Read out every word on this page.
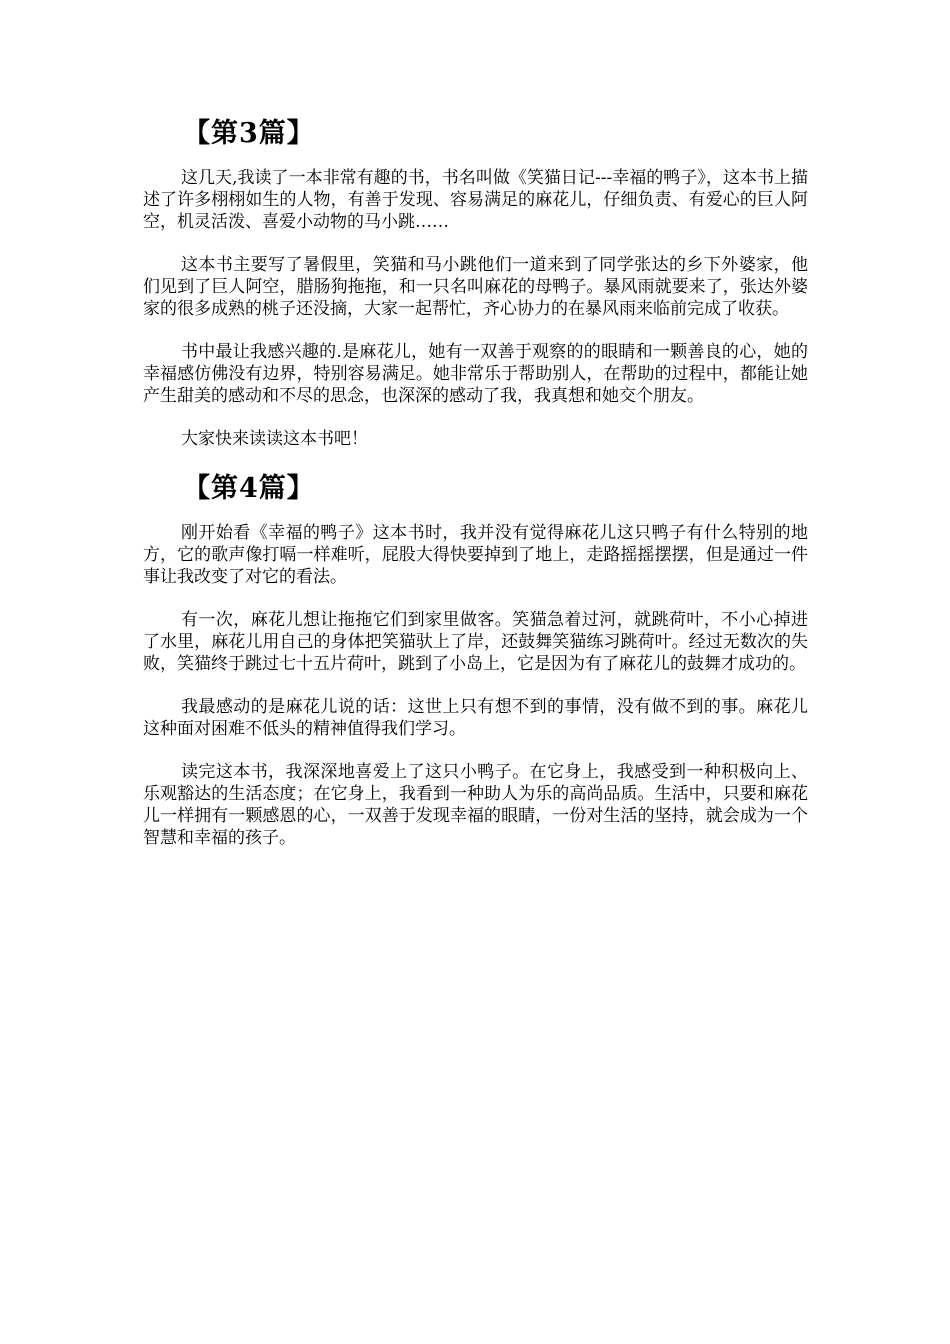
【第3篇】

这几天,我读了一本非常有趣的书，书名叫做《笑猫日记---幸福的鸭子》，这本书上描述了许多栩栩如生的人物，有善于发现、容易满足的麻花儿，仔细负责、有爱心的巨人阿空，机灵活泼、喜爱小动物的马小跳……

这本书主要写了暑假里，笑猫和马小跳他们一道来到了同学张达的乡下外婆家，他们见到了巨人阿空，腊肠狗拖拖，和一只名叫麻花的母鸭子。暴风雨就要来了，张达外婆家的很多成熟的桃子还没摘，大家一起帮忙，齐心协力的在暴风雨来临前完成了收获。

书中最让我感兴趣的.是麻花儿，她有一双善于观察的的眼睛和一颗善良的心，她的幸福感仿佛没有边界，特别容易满足。她非常乐于帮助别人，在帮助的过程中，都能让她产生甜美的感动和不尽的思念，也深深的感动了我，我真想和她交个朋友。

大家快来读读这本书吧！

【第4篇】

刚开始看《幸福的鸭子》这本书时，我并没有觉得麻花儿这只鸭子有什么特别的地方，它的歌声像打嗝一样难听，屁股大得快要掉到了地上，走路摇摇摆摆，但是通过一件事让我改变了对它的看法。

有一次，麻花儿想让拖拖它们到家里做客。笑猫急着过河，就跳荷叶，不小心掉进了水里，麻花儿用自己的身体把笑猫驮上了岸，还鼓舞笑猫练习跳荷叶。经过无数次的失败，笑猫终于跳过七十五片荷叶，跳到了小岛上，它是因为有了麻花儿的鼓舞才成功的。

我最感动的是麻花儿说的话：这世上只有想不到的事情，没有做不到的事。麻花儿这种面对困难不低头的精神值得我们学习。

读完这本书，我深深地喜爱上了这只小鸭子。在它身上，我感受到一种积极向上、乐观豁达的生活态度；在它身上，我看到一种助人为乐的高尚品质。生活中，只要和麻花儿一样拥有一颗感恩的心，一双善于发现幸福的眼睛，一份对生活的坚持，就会成为一个智慧和幸福的孩子。
